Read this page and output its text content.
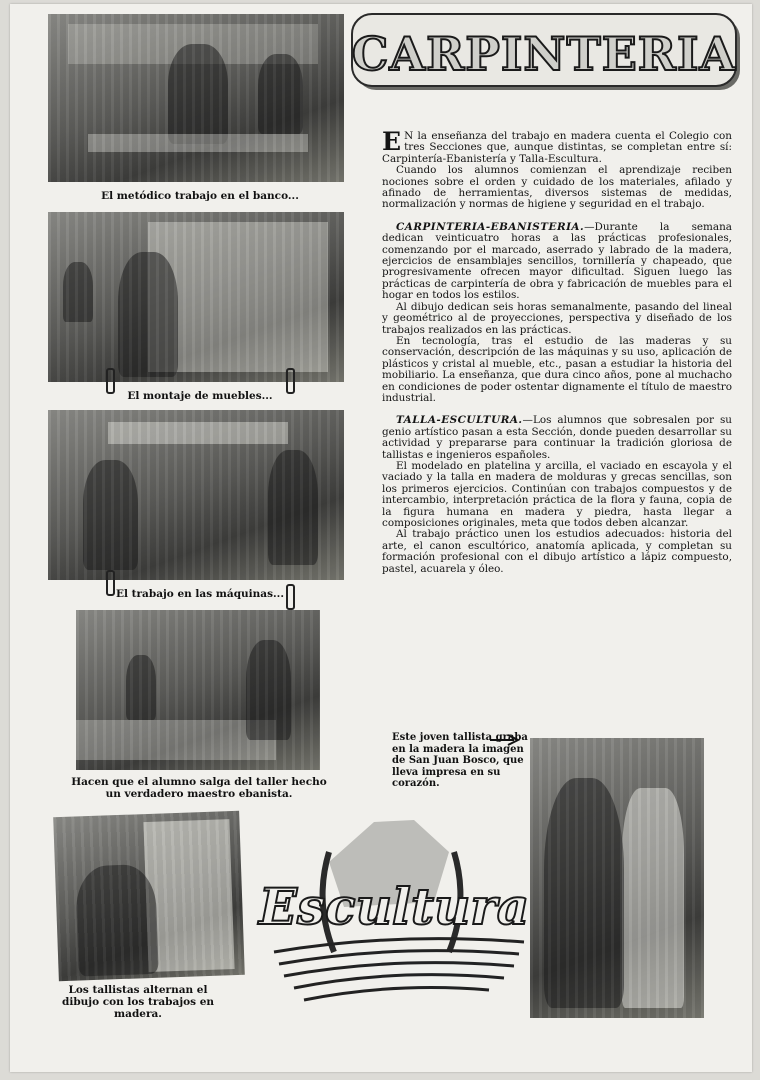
CARPINTERIA
El metódico trabajo en el banco...
El montaje de muebles...
El trabajo en las máquinas...
Hacen que el alumno salga del taller hecho un verdadero maestro ebanista.
Los tallistas alternan el dibujo con los trabajos en madera.
Escultura

E N la enseñanza del trabajo en madera cuenta el Colegio con tres Secciones que, aunque distintas, se completan entre sí: Carpintería-Ebanistería y Talla-Escultura.

Cuando los alumnos comienzan el aprendizaje reciben nociones sobre el orden y cuidado de los materiales, afilado y afinado de herramientas, diversos sistemas de medidas, normalización y normas de higiene y seguridad en el trabajo.

CARPINTERIA-EBANISTERIA.—Durante la semana dedican veinticuatro horas a las prácticas profesionales, comenzando por el marcado, aserrado y labrado de la madera, ejercicios de ensamblajes sencillos, tornillería y chapeado, que progresivamente ofrecen mayor dificultad. Siguen luego las prácticas de carpintería de obra y fabricación de muebles para el hogar en todos los estilos.

Al dibujo dedican seis horas semanalmente, pasando del lineal y geométrico al de proyecciones, perspectiva y diseñado de los trabajos realizados en las prácticas.

En tecnología, tras el estudio de las maderas y su conservación, descripción de las máquinas y su uso, aplicación de plásticos y cristal al mueble, etc., pasan a estudiar la historia del mobiliario. La enseñanza, que dura cinco años, pone al muchacho en condiciones de poder ostentar dignamente el título de maestro industrial.

TALLA-ESCULTURA.—Los alumnos que sobresalen por su genio artístico pasan a esta Sección, donde pueden desarrollar su actividad y prepararse para continuar la tradición gloriosa de tallistas e ingenieros españoles.

El modelado en platelina y arcilla, el vaciado en escayola y el vaciado y la talla en madera de molduras y grecas sencillas, son los primeros ejercicios. Continúan con trabajos compuestos y de intercambio, interpretación práctica de la flora y fauna, copia de la figura humana en madera y piedra, hasta llegar a composiciones originales, meta que todos deben alcanzar.

Al trabajo práctico unen los estudios adecuados: historia del arte, el canon escultórico, anatomía aplicada, y completan su formación profesional con el dibujo artístico a lápiz compuesto, pastel, acuarela y óleo.

Este joven tallista graba en la madera la imagen de San Juan Bosco, que lleva impresa en su corazón.
